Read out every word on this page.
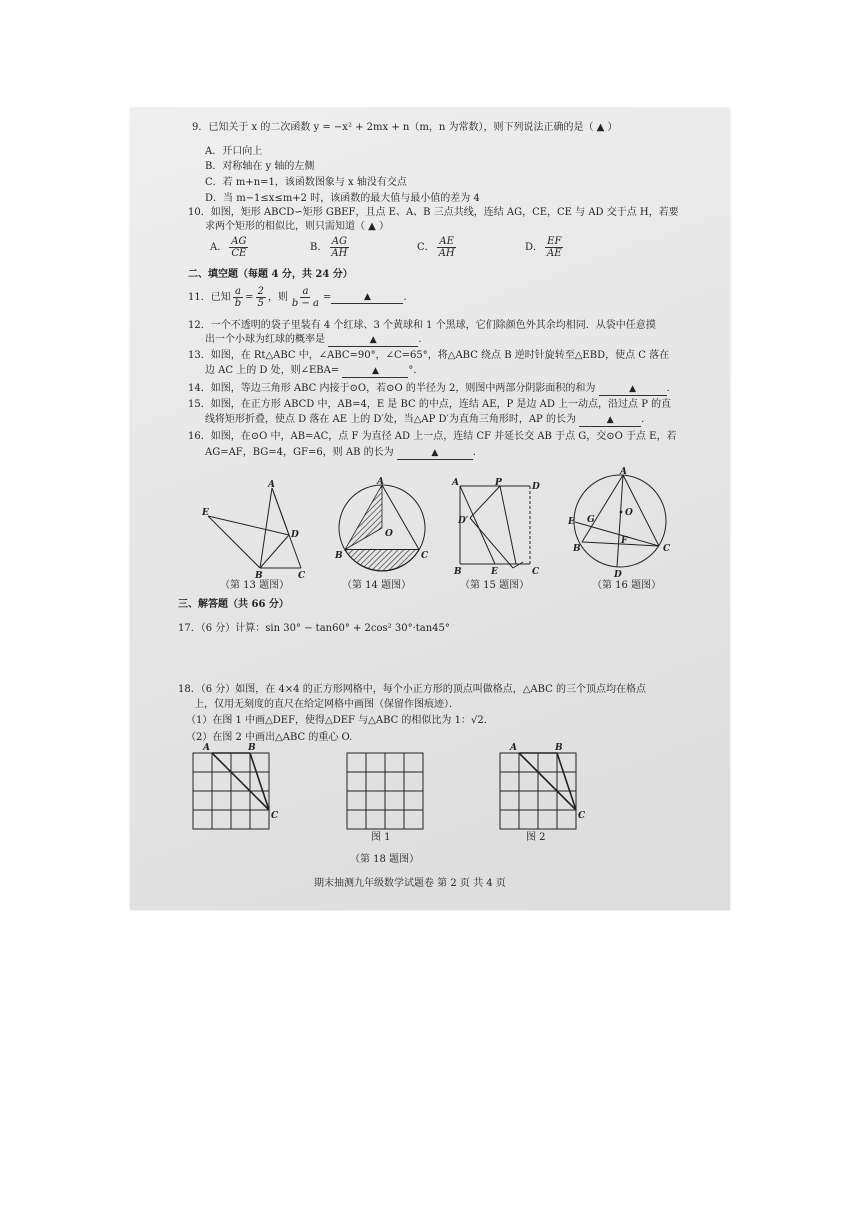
9．已知关于 x 的二次函数 y = −x² + 2mx + n（m，n 为常数），则下列说法正确的是（ ▲ ）
A．开口向上
B．对称轴在 y 轴的左侧
C．若 m+n=1，该函数图象与 x 轴没有交点
D．当 m−1≤x≤m+2 时，该函数的最大值与最小值的差为 4
10．如图，矩形 ABCD∽矩形 GBEF，且点 E、A、B 三点共线，连结 AG，CE，CE 与 AD 交于点 H，若要
求两个矩形的相似比，则只需知道（ ▲ ）
A． $\frac{AG}{CE}$	B． $\frac{AG}{AH}$	C． $\frac{AE}{AH}$	D． $\frac{EF}{AE}$
二、填空题（每题 4 分，共 24 分）
11．已知 $\frac{a}{b} = \frac{2}{5}$ ，则 $\frac{a}{b - a}$ =	▲	.
12．一个不透明的袋子里装有 4 个红球、3 个黄球和 1 个黑球，它们除颜色外其余均相同．从袋中任意摸
出一个小球为红球的概率是	▲	.
13．如图，在 Rt△ABC 中，∠ABC=90°，∠C=65°，将△ABC 绕点 B 逆时针旋转至△EBD，使点 C 落在
边 AC 上的 D 处，则∠EBA=	▲	°．
14．如图，等边三角形 ABC 内接于⊙O，若⊙O 的半径为 2，则图中两部分阴影面积的和为	▲	.
15．如图，在正方形 ABCD 中，AB=4，E 是 BC 的中点，连结 AE，P 是边 AD 上一动点，沿过点 P 的直
线将矩形折叠，使点 D 落在 AE 上的 D′处，当△AP D′为直角三角形时，AP 的长为	▲	.
16．如图，在⊙O 中，AB=AC，点 F 为直径 AD 上一点，连结 CF 并延长交 AB 于点 G，交⊙O 于点 E，若
AG=AF，BG=4，GF=6，则 AB 的长为	▲	.
A
E
D
B	C
A
O
B	C
A	P	D
D′
B	E	C
A
O
E G
F
B	C
D
（第 13 题图）	（第 14 题图）	（第 15 题图）	（第 16 题图）
三、解答题（共 66 分）
17．（6 分）计算：sin 30° − tan60° + 2cos² 30°·tan45°
18．（6 分）如图，在 4×4 的正方形网格中，每个小正方形的顶点叫做格点，△ABC 的三个顶点均在格点
上，仅用无刻度的直尺在给定网格中画图（保留作图痕迹）．
（1）在图 1 中画△DEF，使得△DEF 与△ABC 的相似比为 1：√2．
（2）在图 2 中画出△ABC 的重心 O.
A	B
C
A	B
C
图 1	图 2
（第 18 题图）
期末抽测九年级数学试题卷 第 2 页 共 4 页
